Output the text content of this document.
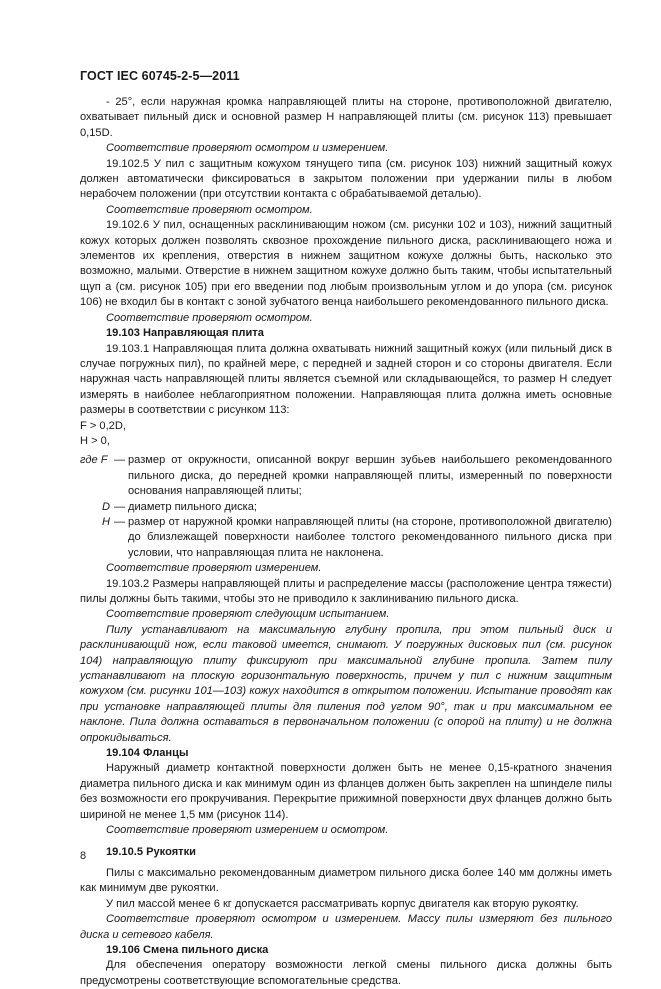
ГОСТ IEC 60745-2-5—2011

- 25°, если наружная кромка направляющей плиты на стороне, противоположной двигателю, охватывает пильный диск и основной размер H направляющей плиты (см. рисунок 113) превышает 0,15D.

Соответствие проверяют осмотром и измерением.

19.102.5 У пил с защитным кожухом тянущего типа (см. рисунок 103) нижний защитный кожух должен автоматически фиксироваться в закрытом положении при удержании пилы в любом нерабочем положении (при отсутствии контакта с обрабатываемой деталью).

Соответствие проверяют осмотром.

19.102.6 У пил, оснащенных расклинивающим ножом (см. рисунки 102 и 103), нижний защитный кожух которых должен позволять сквозное прохождение пильного диска, расклинивающего ножа и элементов их крепления, отверстия в нижнем защитном кожухе должны быть, насколько это возможно, малыми. Отверстие в нижнем защитном кожухе должно быть таким, чтобы испытательный щуп a (см. рисунок 105) при его введении под любым произвольным углом и до упора (см. рисунок 106) не входил бы в контакт с зоной зубчатого венца наибольшего рекомендованного пильного диска.

Соответствие проверяют осмотром.

19.103 Направляющая плита

19.103.1 Направляющая плита должна охватывать нижний защитный кожух (или пильный диск в случае погружных пил), по крайней мере, с передней и задней сторон и со стороны двигателя. Если наружная часть направляющей плиты является съемной или складывающейся, то размер H следует измерять в наиболее неблагоприятном положении. Направляющая плита должна иметь основные размеры в соответствии с рисунком 113:

F > 0,2D,

H > 0,

где F — размер от окружности, описанной вокруг вершин зубьев наибольшего рекомендованного пильного диска, до передней кромки направляющей плиты, измеренный по поверхности основания направляющей плиты;
D — диаметр пильного диска;
H — размер от наружной кромки направляющей плиты (на стороне, противоположной двигателю) до близлежащей поверхности наиболее толстого рекомендованного пильного диска при условии, что направляющая плита не наклонена.

Соответствие проверяют измерением.

19.103.2 Размеры направляющей плиты и распределение массы (расположение центра тяжести) пилы должны быть такими, чтобы это не приводило к заклиниванию пильного диска.

Соответствие проверяют следующим испытанием.

Пилу устанавливают на максимальную глубину пропила, при этом пильный диск и расклинивающий нож, если таковой имеется, снимают. У погружных дисковых пил (см. рисунок 104) направляющую плиту фиксируют при максимальной глубине пропила. Затем пилу устанавливают на плоскую горизонтальную поверхность, причем у пил с нижним защитным кожухом (см. рисунки 101—103) кожух находится в открытом положении. Испытание проводят как при установке направляющей плиты для пиления под углом 90°, так и при максимальном ее наклоне. Пила должна оставаться в первоначальном положении (с опорой на плиту) и не должна опрокидываться.

19.104 Фланцы

Наружный диаметр контактной поверхности должен быть не менее 0,15-кратного значения диаметра пильного диска и как минимум один из фланцев должен быть закреплен на шпинделе пилы без возможности его прокручивания. Перекрытие прижимной поверхности двух фланцев должно быть шириной не менее 1,5 мм (рисунок 114).

Соответствие проверяют измерением и осмотром.

19.10.5 Рукоятки

Пилы с максимально рекомендованным диаметром пильного диска более 140 мм должны иметь как минимум две рукоятки.

У пил массой менее 6 кг допускается рассматривать корпус двигателя как вторую рукоятку.

Соответствие проверяют осмотром и измерением. Массу пилы измеряют без пильного диска и сетевого кабеля.

19.106 Смена пильного диска

Для обеспечения оператору возможности легкой смены пильного диска должны быть предусмотрены соответствующие вспомогательные средства.

8
